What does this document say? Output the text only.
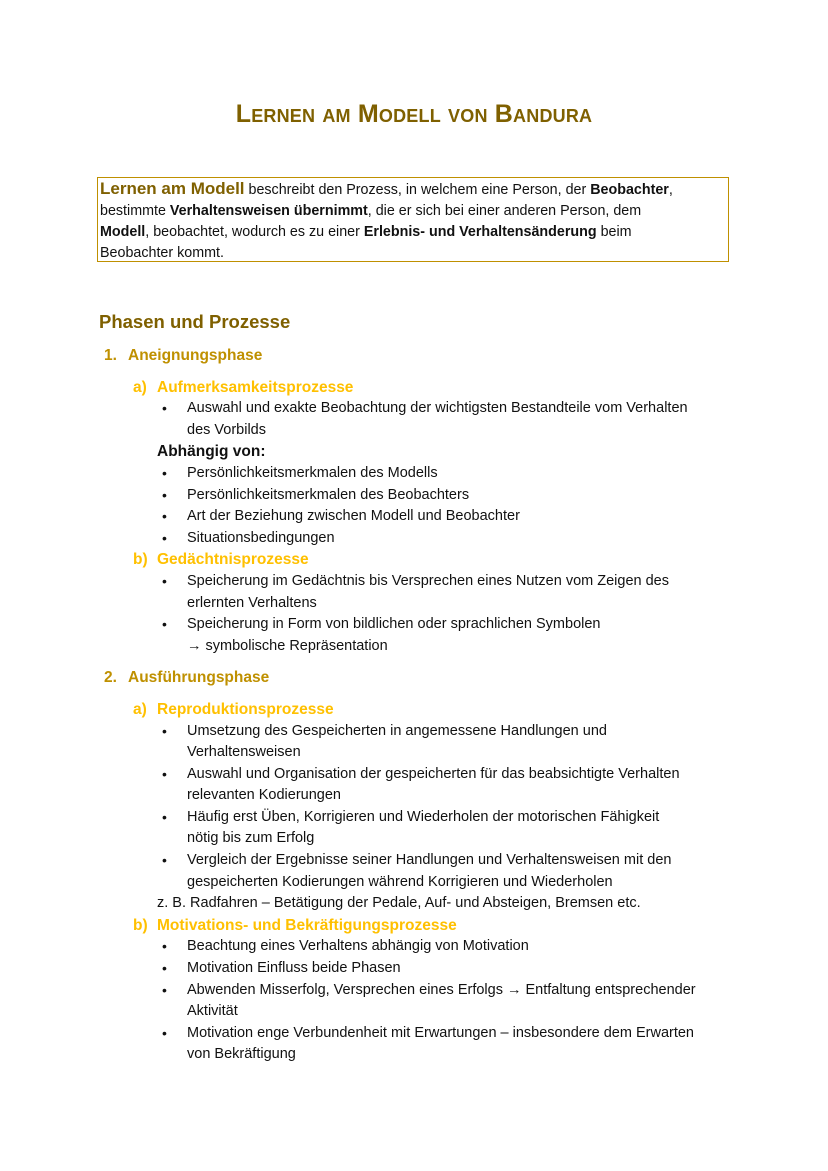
Lernen am Modell von Bandura
Lernen am Modell beschreibt den Prozess, in welchem eine Person, der Beobachter,
bestimmte Verhaltensweisen übernimmt, die er sich bei einer anderen Person, dem
Modell, beobachtet, wodurch es zu einer Erlebnis- und Verhaltensänderung beim
Beobachter kommt.
Phasen und Prozesse
1. Aneignungsphase
a) Aufmerksamkeitsprozesse
• Auswahl und exakte Beobachtung der wichtigsten Bestandteile vom Verhalten
des Vorbilds
Abhängig von:
• Persönlichkeitsmerkmalen des Modells
• Persönlichkeitsmerkmalen des Beobachters
• Art der Beziehung zwischen Modell und Beobachter
• Situationsbedingungen
b) Gedächtnisprozesse
• Speicherung im Gedächtnis bis Versprechen eines Nutzen vom Zeigen des
erlernten Verhaltens
• Speicherung in Form von bildlichen oder sprachlichen Symbolen
→ symbolische Repräsentation
2. Ausführungsphase
a) Reproduktionsprozesse
• Umsetzung des Gespeicherten in angemessene Handlungen und
Verhaltensweisen
• Auswahl und Organisation der gespeicherten für das beabsichtigte Verhalten
relevanten Kodierungen
• Häufig erst Üben, Korrigieren und Wiederholen der motorischen Fähigkeit
nötig bis zum Erfolg
• Vergleich der Ergebnisse seiner Handlungen und Verhaltensweisen mit den
gespeicherten Kodierungen während Korrigieren und Wiederholen
z. B. Radfahren – Betätigung der Pedale, Auf- und Absteigen, Bremsen etc.
b) Motivations- und Bekräftigungsprozesse
• Beachtung eines Verhaltens abhängig von Motivation
• Motivation Einfluss beide Phasen
• Abwenden Misserfolg, Versprechen eines Erfolgs → Entfaltung entsprechender
Aktivität
• Motivation enge Verbundenheit mit Erwartungen – insbesondere dem Erwarten
von Bekräftigung
